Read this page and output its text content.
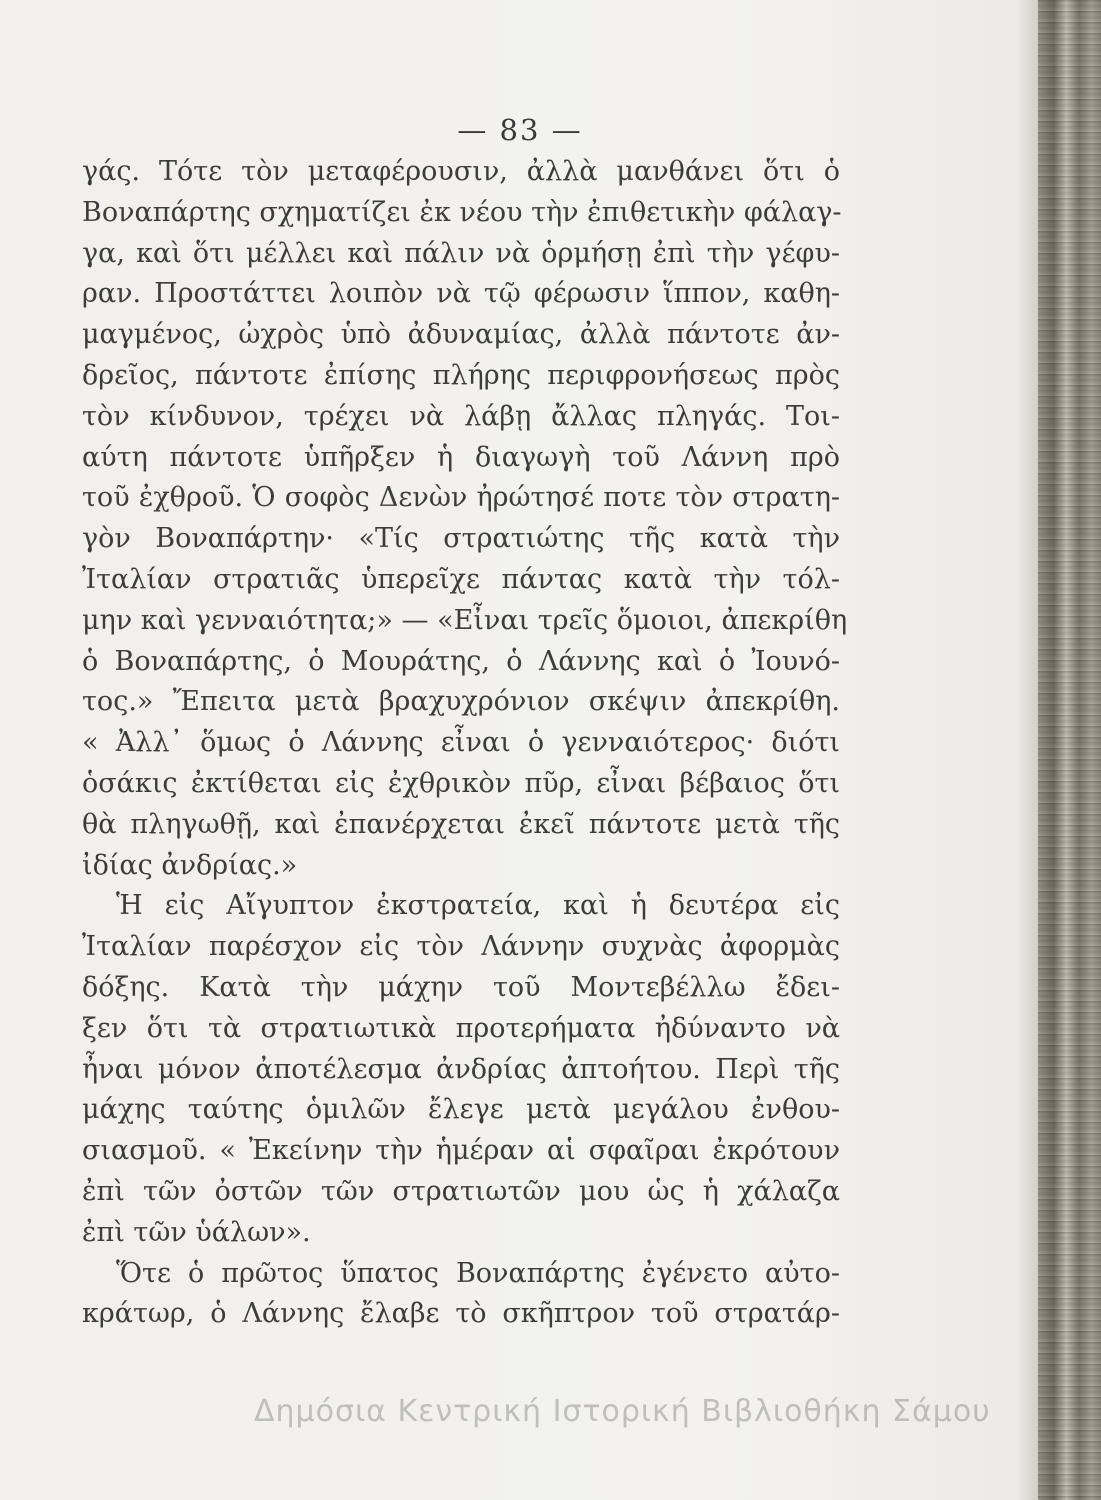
— 83 —
γάς. Τότε τὸν μεταφέρουσιν, ἀλλὰ μανθάνει ὅτι ὁ
Βοναπάρτης σχηματίζει ἐκ νέου τὴν ἐπιθετικὴν φάλαγ-
γα, καὶ ὅτι μέλλει καὶ πάλιν νὰ ὁρμήσῃ ἐπὶ τὴν γέφυ-
ραν. Προστάττει λοιπὸν νὰ τῷ φέρωσιν ἵππον, καθη-
μαγμένος, ὠχρὸς ὑπὸ ἀδυναμίας, ἀλλὰ πάντοτε ἀν-
δρεῖος, πάντοτε ἐπίσης πλήρης περιφρονήσεως πρὸς
τὸν κίνδυνον, τρέχει νὰ λάβῃ ἄλλας πληγάς. Τοι-
αύτη πάντοτε ὑπῆρξεν ἡ διαγωγὴ τοῦ Λάννη πρὸ
τοῦ ἐχθροῦ. Ὁ σοφὸς Δενὼν ἠρώτησέ ποτε τὸν στρατη-
γὸν Βοναπάρτην· «Τίς στρατιώτης τῆς κατὰ τὴν
Ἰταλίαν στρατιᾶς ὑπερεῖχε πάντας κατὰ τὴν τόλ-
μην καὶ γενναιότητα;» — «Εἶναι τρεῖς ὅμοιοι, ἀπεκρίθη
ὁ Βοναπάρτης, ὁ Μουράτης, ὁ Λάννης καὶ ὁ Ἰουνό-
τος.» Ἔπειτα μετὰ βραχυχρόνιον σκέψιν ἀπεκρίθη.
« Ἀλλ᾽ ὅμως ὁ Λάννης εἶναι ὁ γενναιότερος· διότι
ὁσάκις ἐκτίθεται εἰς ἐχθρικὸν πῦρ, εἶναι βέβαιος ὅτι
θὰ πληγωθῇ, καὶ ἐπανέρχεται ἐκεῖ πάντοτε μετὰ τῆς
ἰδίας ἀνδρίας.»
Ἡ εἰς Αἴγυπτον ἐκστρατεία, καὶ ἡ δευτέρα εἰς
Ἰταλίαν παρέσχον εἰς τὸν Λάννην συχνὰς ἀφορμὰς
δόξης. Κατὰ τὴν μάχην τοῦ Μοντεβέλλω ἔδει-
ξεν ὅτι τὰ στρατιωτικὰ προτερήματα ἠδύναντο νὰ
ἦναι μόνον ἀποτέλεσμα ἀνδρίας ἀπτοήτου. Περὶ τῆς
μάχης ταύτης ὁμιλῶν ἔλεγε μετὰ μεγάλου ἐνθου-
σιασμοῦ. « Ἐκείνην τὴν ἡμέραν αἱ σφαῖραι ἐκρότουν
ἐπὶ τῶν ὀστῶν τῶν στρατιωτῶν μου ὡς ἡ χάλαζα
ἐπὶ τῶν ὑάλων».
Ὅτε ὁ πρῶτος ὕπατος Βοναπάρτης ἐγένετο αὐτο-
κράτωρ, ὁ Λάννης ἔλαβε τὸ σκῆπτρον τοῦ στρατάρ-
Δημόσια Κεντρική Ιστορική Βιβλιοθήκη Σάμου
